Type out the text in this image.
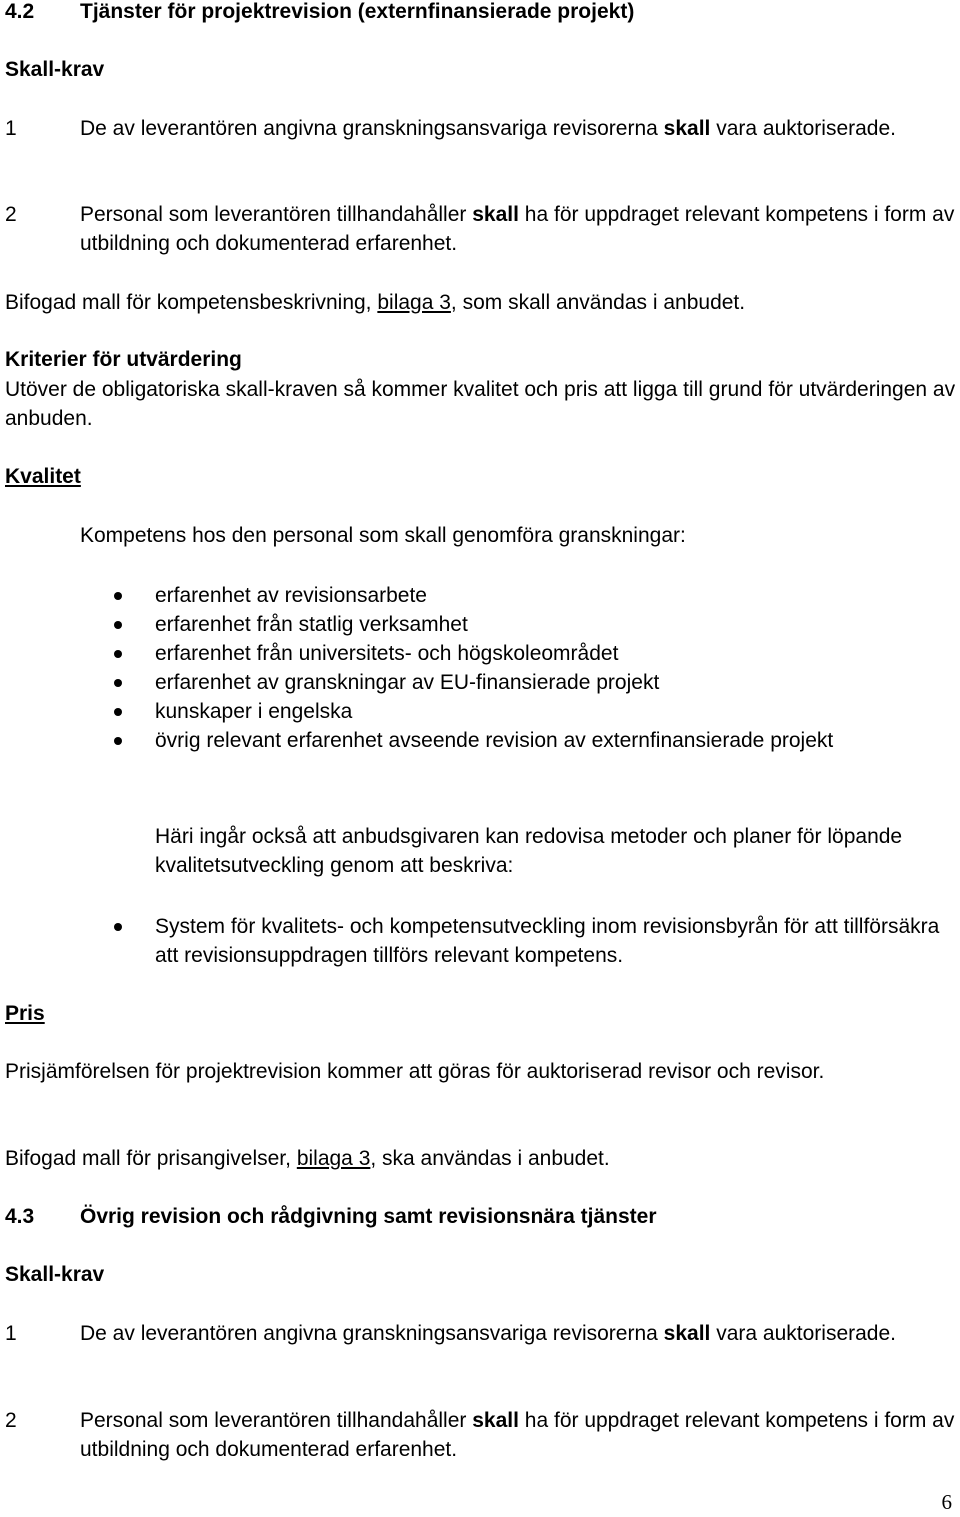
4.2 Tjänster för projektrevision (externfinansierade projekt)
Skall-krav
1	De av leverantören angivna granskningsansvariga revisorerna skall vara auktoriserade.
2	Personal som leverantören tillhandahåller skall ha för uppdraget relevant kompetens i form av utbildning och dokumenterad erfarenhet.
Bifogad mall för kompetensbeskrivning, bilaga 3, som skall användas i anbudet.
Kriterier för utvärdering
Utöver de obligatoriska skall-kraven så kommer kvalitet och pris att ligga till grund för utvärderingen av anbuden.
Kvalitet
Kompetens hos den personal som skall genomföra granskningar:
erfarenhet av revisionsarbete
erfarenhet från statlig verksamhet
erfarenhet från universitets- och högskoleområdet
erfarenhet av granskningar av EU-finansierade projekt
kunskaper i engelska
övrig relevant erfarenhet avseende revision av externfinansierade projekt
Häri ingår också att anbudsgivaren kan redovisa metoder och planer för löpande kvalitetsutveckling genom att beskriva:
System för kvalitets- och kompetensutveckling inom revisionsbyrån för att tillförsäkra att revisionsuppdragen tillförs relevant kompetens.
Pris
Prisjämförelsen för projektrevision kommer att göras för auktoriserad revisor och revisor.
Bifogad mall för prisangivelser, bilaga 3, ska användas i anbudet.
4.3 Övrig revision och rådgivning samt revisionsnära tjänster
Skall-krav
1	De av leverantören angivna granskningsansvariga revisorerna skall vara auktoriserade.
2	Personal som leverantören tillhandahåller skall ha för uppdraget relevant kompetens i form av utbildning och dokumenterad erfarenhet.
6
